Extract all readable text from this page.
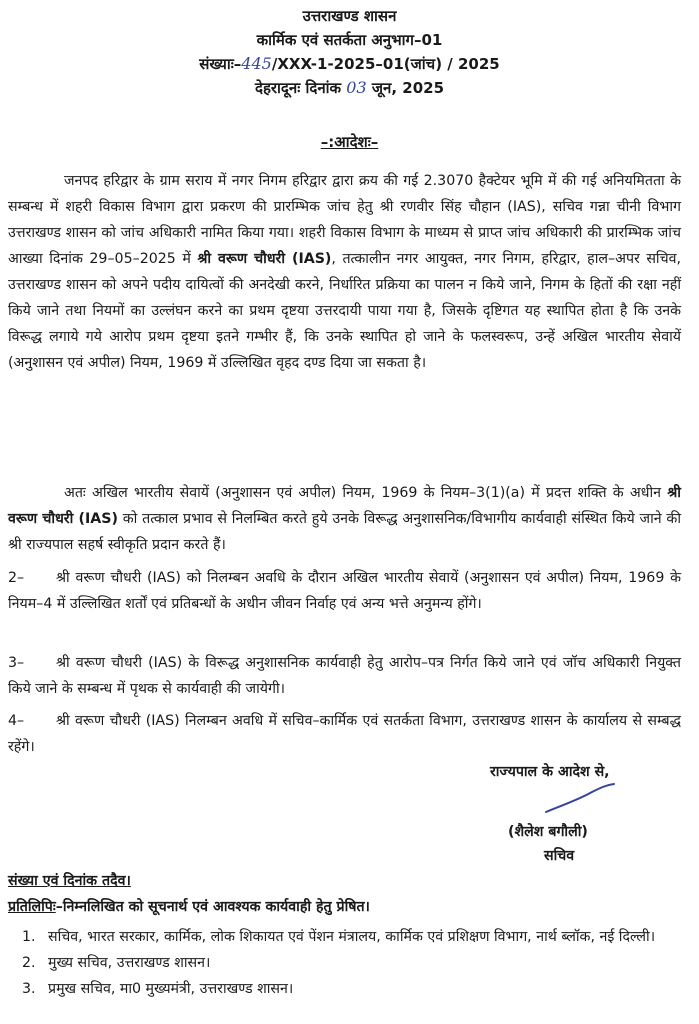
उत्तराखण्ड शासन
कार्मिक एवं सतर्कता अनुभाग–01
संख्याः–445/XXX-1-2025–01(जांच) / 2025
देहरादूनः दिनांक 03 जून, 2025
–:आदेशः–
जनपद हरिद्वार के ग्राम सराय में नगर निगम हरिद्वार द्वारा क्रय की गई 2.3070 हैक्टेयर भूमि में की गई अनियमितता के सम्बन्ध में शहरी विकास विभाग द्वारा प्रकरण की प्रारम्भिक जांच हेतु श्री रणवीर सिंह चौहान (IAS), सचिव गन्ना चीनी विभाग उत्तराखण्ड शासन को जांच अधिकारी नामित किया गया। शहरी विकास विभाग के माध्यम से प्राप्त जांच अधिकारी की प्रारम्भिक जांच आख्या दिनांक 29–05–2025 में श्री वरूण चौधरी (IAS), तत्कालीन नगर आयुक्त, नगर निगम, हरिद्वार, हाल–अपर सचिव, उत्तराखण्ड शासन को अपने पदीय दायित्वों की अनदेखी करने, निर्धारित प्रक्रिया का पालन न किये जाने, निगम के हितों की रक्षा नहीं किये जाने तथा नियमों का उल्लंघन करने का प्रथम दृष्टया उत्तरदायी पाया गया है, जिसके दृष्टिगत यह स्थापित होता है कि उनके विरूद्ध लगाये गये आरोप प्रथम दृष्टया इतने गम्भीर हैं, कि उनके स्थापित हो जाने के फलस्वरूप, उन्हें अखिल भारतीय सेवायें (अनुशासन एवं अपील) नियम, 1969 में उल्लिखित वृहद दण्ड दिया जा सकता है।
अतः अखिल भारतीय सेवायें (अनुशासन एवं अपील) नियम, 1969 के नियम–3(1)(a) में प्रदत्त शक्ति के अधीन श्री वरूण चौधरी (IAS) को तत्काल प्रभाव से निलम्बित करते हुये उनके विरूद्ध अनुशासनिक/विभागीय कार्यवाही संस्थित किये जाने की श्री राज्यपाल सहर्ष स्वीकृति प्रदान करते हैं।
2– श्री वरूण चौधरी (IAS) को निलम्बन अवधि के दौरान अखिल भारतीय सेवायें (अनुशासन एवं अपील) नियम, 1969 के नियम–4 में उल्लिखित शर्तों एवं प्रतिबन्धों के अधीन जीवन निर्वाह एवं अन्य भत्ते अनुमन्य होंगे।
3– श्री वरूण चौधरी (IAS) के विरूद्ध अनुशासनिक कार्यवाही हेतु आरोप–पत्र निर्गत किये जाने एवं जॉच अधिकारी नियुक्त किये जाने के सम्बन्ध में पृथक से कार्यवाही की जायेगी।
4– श्री वरूण चौधरी (IAS) निलम्बन अवधि में सचिव–कार्मिक एवं सतर्कता विभाग, उत्तराखण्ड शासन के कार्यालय से सम्बद्ध रहेंगे।
राज्यपाल के आदेश से,
(शैलेश बगौली)
सचिव
संख्या एवं दिनांक तदैव।
प्रतिलिपिः–निम्नलिखित को सूचनार्थ एवं आवश्यक कार्यवाही हेतु प्रेषित।
1. सचिव, भारत सरकार, कार्मिक, लोक शिकायत एवं पेंशन मंत्रालय, कार्मिक एवं प्रशिक्षण विभाग, नार्थ ब्लॉक, नई दिल्ली।
2. मुख्य सचिव, उत्तराखण्ड शासन।
3. प्रमुख सचिव, मा0 मुख्यमंत्री, उत्तराखण्ड शासन।
